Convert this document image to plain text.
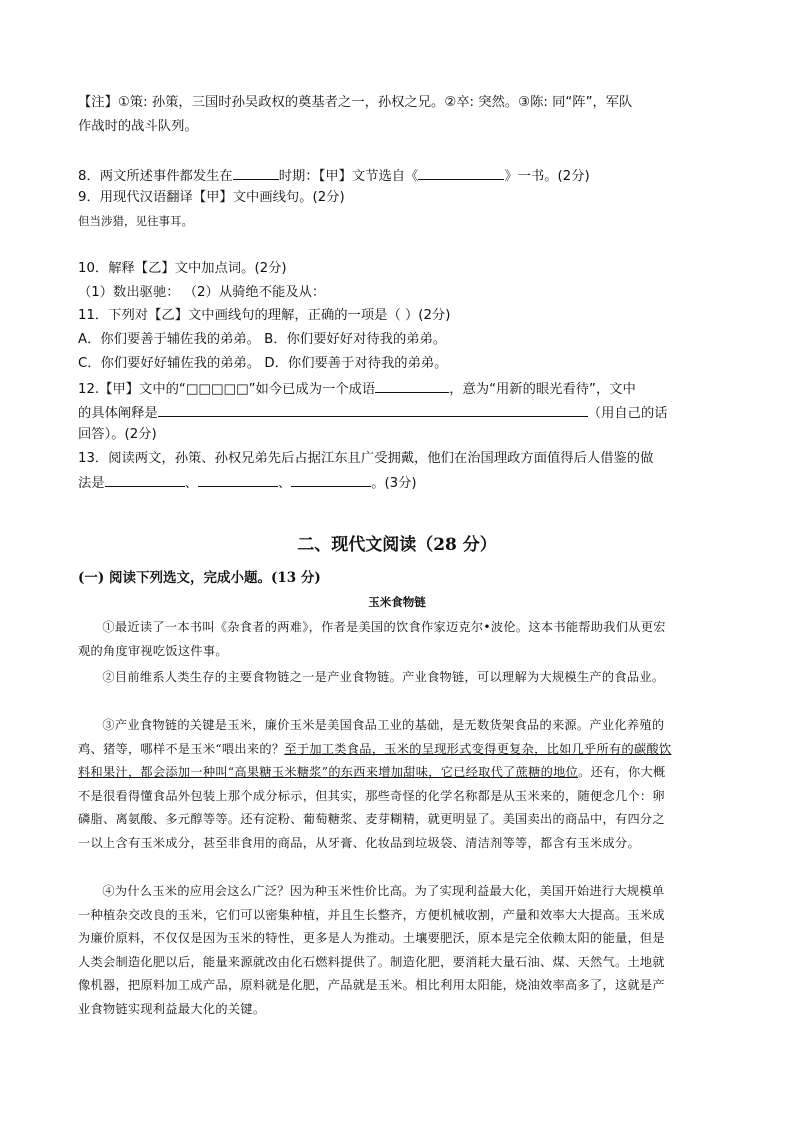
【注】①策: 孙策，三国时孙吴政权的奠基者之一，孙权之兄。②卒: 突然。③陈: 同“阵”，军队
作战时的战斗队列。
8．两文所述事件都发生在	时期：【甲】文节选自《	》一书。(2分)
9．用现代汉语翻译【甲】文中画线句。(2分)
但当涉猎，见往事耳。
10．解释【乙】文中加点词。(2分)
（1）数出驱驰： （2）从骑绝不能及从：
11．下列对【乙】文中画线句的理解，正确的一项是（ ）(2分)
A．你们要善于辅佐我的弟弟。 B．你们要好好对待我的弟弟。
C．你们要好好辅佐我的弟弟。 D．你们要善于对待我的弟弟。
12.【甲】文中的“□□□□□”如今已成为一个成语	，意为“用新的眼光看待”，文中
的具体阐释是	（用自己的话
回答）。(2分)
13．阅读两文，孙策、孙权兄弟先后占据江东且广受拥戴，他们在治国理政方面值得后人借鉴的做
法是	、	、	。(3分)
二、现代文阅读（28 分）
(一) 阅读下列选文，完成小题。(13 分)
玉米食物链
①最近读了一本书叫《杂食者的两难》，作者是美国的饮食作家迈克尔•波伦。这本书能帮助我们从更宏观的角度审视吃饭这件事。
②目前维系人类生存的主要食物链之一是产业食物链。产业食物链，可以理解为大规模生产的食品业。
③产业食物链的关键是玉米，廉价玉米是美国食品工业的基础，是无数货架食品的来源。产业化养殖的鸡、猪等，哪样不是玉米“喂出来的？至于加工类食品，玉米的呈现形式变得更复杂，比如几乎所有的碳酸饮料和果汁，都会添加一种叫“高果糖玉米糖浆”的东西来增加甜味，它已经取代了蔗糖的地位。还有，你大概不是很看得懂食品外包装上那个成分标示，但其实，那些奇怪的化学名称都是从玉米来的，随便念几个：卵磷脂、离氨酸、多元醇等等。还有淀粉、葡萄糖浆、麦芽糊精，就更明显了。美国卖出的商品中，有四分之一以上含有玉米成分，甚至非食用的商品，从牙膏、化妆品到垃圾袋、清洁剂等等，都含有玉米成分。
④为什么玉米的应用会这么广泛？因为种玉米性价比高。为了实现利益最大化，美国开始进行大规模单一种植杂交改良的玉米，它们可以密集种植，并且生长整齐，方便机械收割，产量和效率大大提高。玉米成为廉价原料，不仅仅是因为玉米的特性，更多是人为推动。土壤要肥沃，原本是完全依赖太阳的能量，但是人类会制造化肥以后，能量来源就改由化石燃料提供了。制造化肥，要消耗大量石油、煤、天然气。土地就像机器，把原料加工成产品，原料就是化肥，产品就是玉米。相比利用太阳能，烧油效率高多了，这就是产业食物链实现利益最大化的关键。
